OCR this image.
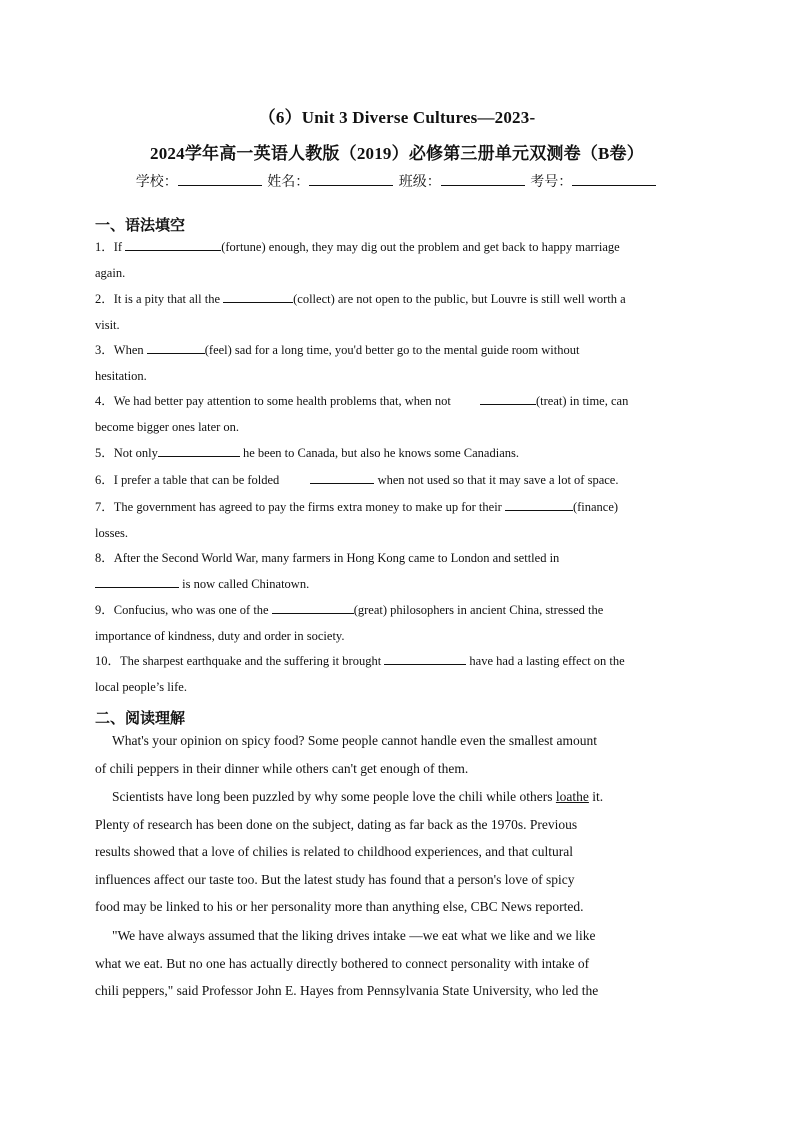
（6）Unit 3 Diverse Cultures—2023-
2024学年高一英语人教版（2019）必修第三册单元双测卷（B卷）
学校：	姓名：	班级：	考号：
一、语法填空
1．If	(fortune) enough, they may dig out the problem and get back to happy marriage
again.
2．It is a pity that all the	(collect) are not open to the public, but Louvre is still well worth a
visit.
3．When	(feel) sad for a long time, you'd better go to the mental guide room without
hesitation.
4．We had better pay attention to some health problems that, when not	(treat) in time, can
become bigger ones later on.
5．Not only	he been to Canada, but also he knows some Canadians.
6．I prefer a table that can be folded	when not used so that it may save a lot of space.
7．The government has agreed to pay the firms extra money to make up for their	(finance)
losses.
8．After the Second World War, many farmers in Hong Kong came to London and settled in
is now called Chinatown.
9．Confucius, who was one of the	(great) philosophers in ancient China, stressed the
importance of kindness, duty and order in society.
10．The sharpest earthquake and the suffering it brought	have had a lasting effect on the
local people’s life.
二、阅读理解
What's your opinion on spicy food? Some people cannot handle even the smallest amount
of chili peppers in their dinner while others can't get enough of them.
Scientists have long been puzzled by why some people love the chili while others loathe it.
Plenty of research has been done on the subject, dating as far back as the 1970s. Previous
results showed that a love of chilies is related to childhood experiences, and that cultural
influences affect our taste too. But the latest study has found that a person's love of spicy
food may be linked to his or her personality more than anything else, CBC News reported.
"We have always assumed that the liking drives intake —we eat what we like and we like
what we eat. But no one has actually directly bothered to connect personality with intake of
chili peppers," said Professor John E. Hayes from Pennsylvania State University, who led the
